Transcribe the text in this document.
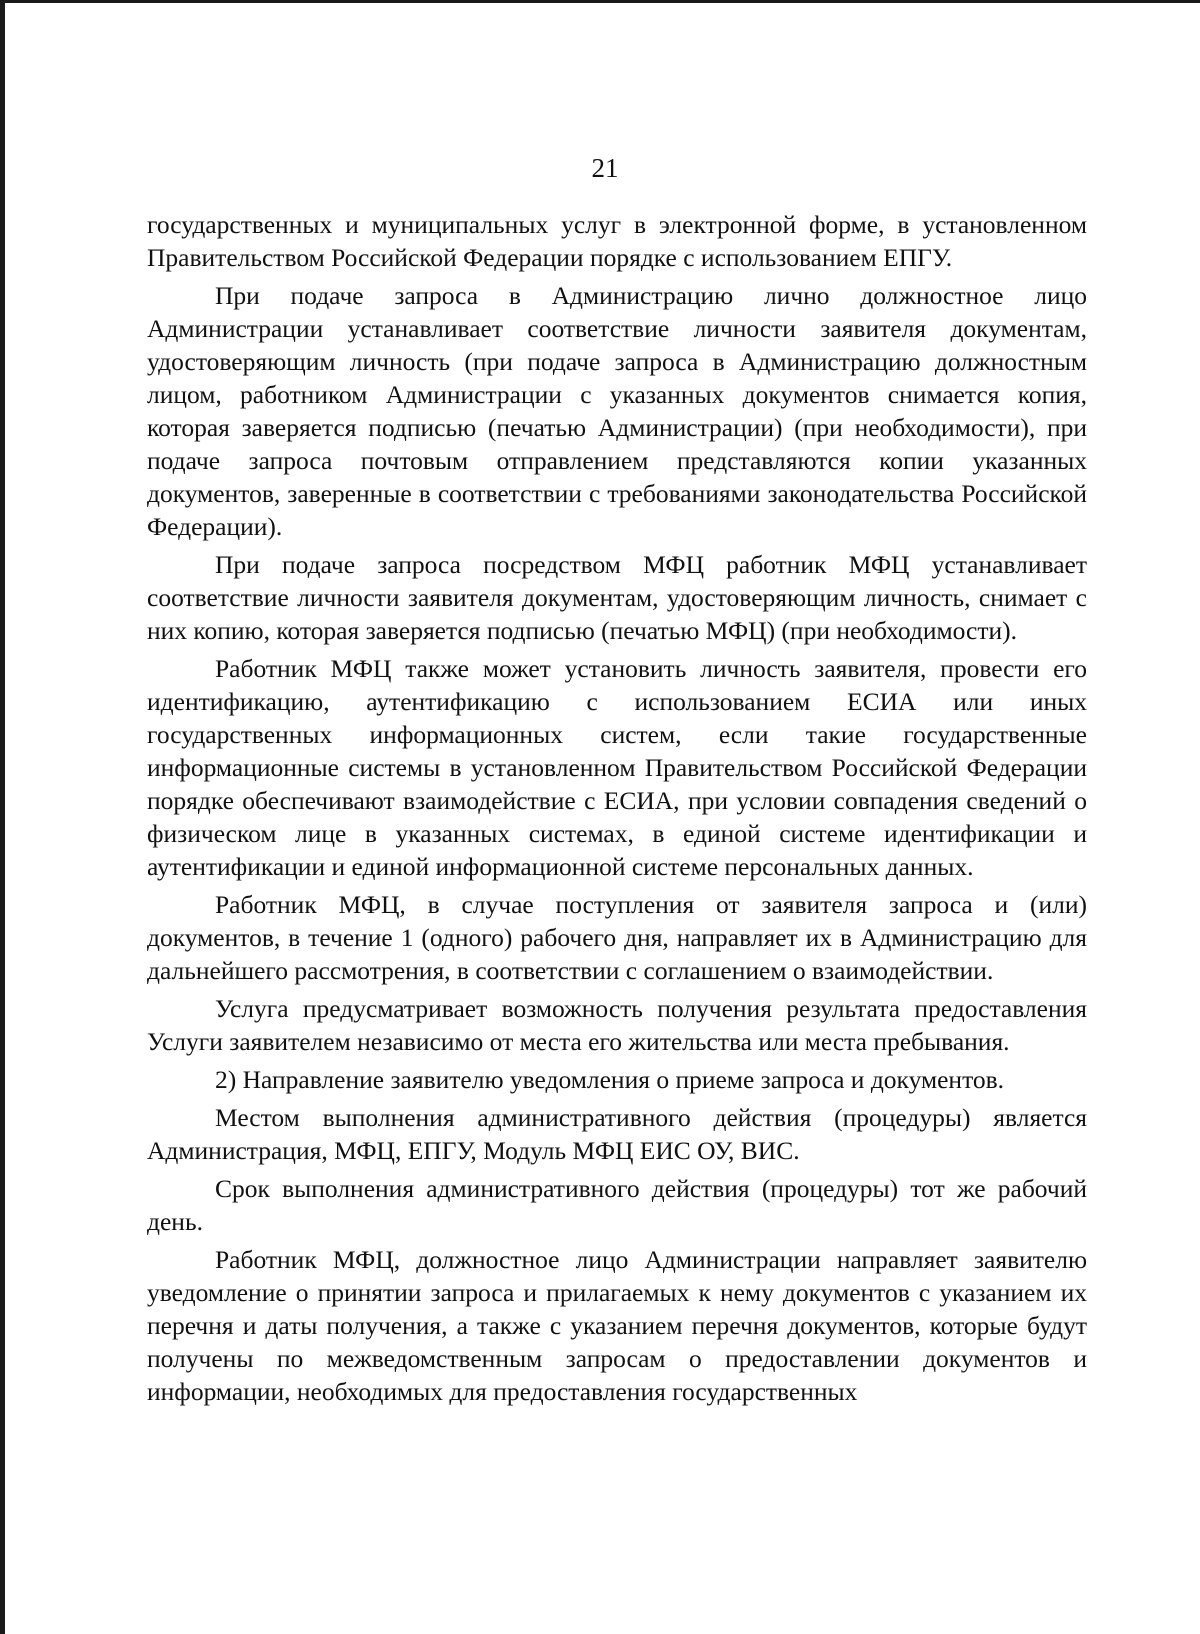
21

государственных и муниципальных услуг в электронной форме, в установленном Правительством Российской Федерации порядке с использованием ЕПГУ.

При подаче запроса в Администрацию лично должностное лицо Администрации устанавливает соответствие личности заявителя документам, удостоверяющим личность (при подаче запроса в Администрацию должностным лицом, работником Администрации с указанных документов снимается копия, которая заверяется подписью (печатью Администрации) (при необходимости), при подаче запроса почтовым отправлением представляются копии указанных документов, заверенные в соответствии с требованиями законодательства Российской Федерации).

При подаче запроса посредством МФЦ работник МФЦ устанавливает соответствие личности заявителя документам, удостоверяющим личность, снимает с них копию, которая заверяется подписью (печатью МФЦ) (при необходимости).

Работник МФЦ также может установить личность заявителя, провести его идентификацию, аутентификацию с использованием ЕСИА или иных государственных информационных систем, если такие государственные информационные системы в установленном Правительством Российской Федерации порядке обеспечивают взаимодействие с ЕСИА, при условии совпадения сведений о физическом лице в указанных системах, в единой системе идентификации и аутентификации и единой информационной системе персональных данных.

Работник МФЦ, в случае поступления от заявителя запроса и (или) документов, в течение 1 (одного) рабочего дня, направляет их в Администрацию для дальнейшего рассмотрения, в соответствии с соглашением о взаимодействии.

Услуга предусматривает возможность получения результата предоставления Услуги заявителем независимо от места его жительства или места пребывания.

2) Направление заявителю уведомления о приеме запроса и документов.

Местом выполнения административного действия (процедуры) является Администрация, МФЦ, ЕПГУ, Модуль МФЦ ЕИС ОУ, ВИС.

Срок выполнения административного действия (процедуры) тот же рабочий день.

Работник МФЦ, должностное лицо Администрации направляет заявителю уведомление о принятии запроса и прилагаемых к нему документов с указанием их перечня и даты получения, а также с указанием перечня документов, которые будут получены по межведомственным запросам о предоставлении документов и информации, необходимых для предоставления государственных
